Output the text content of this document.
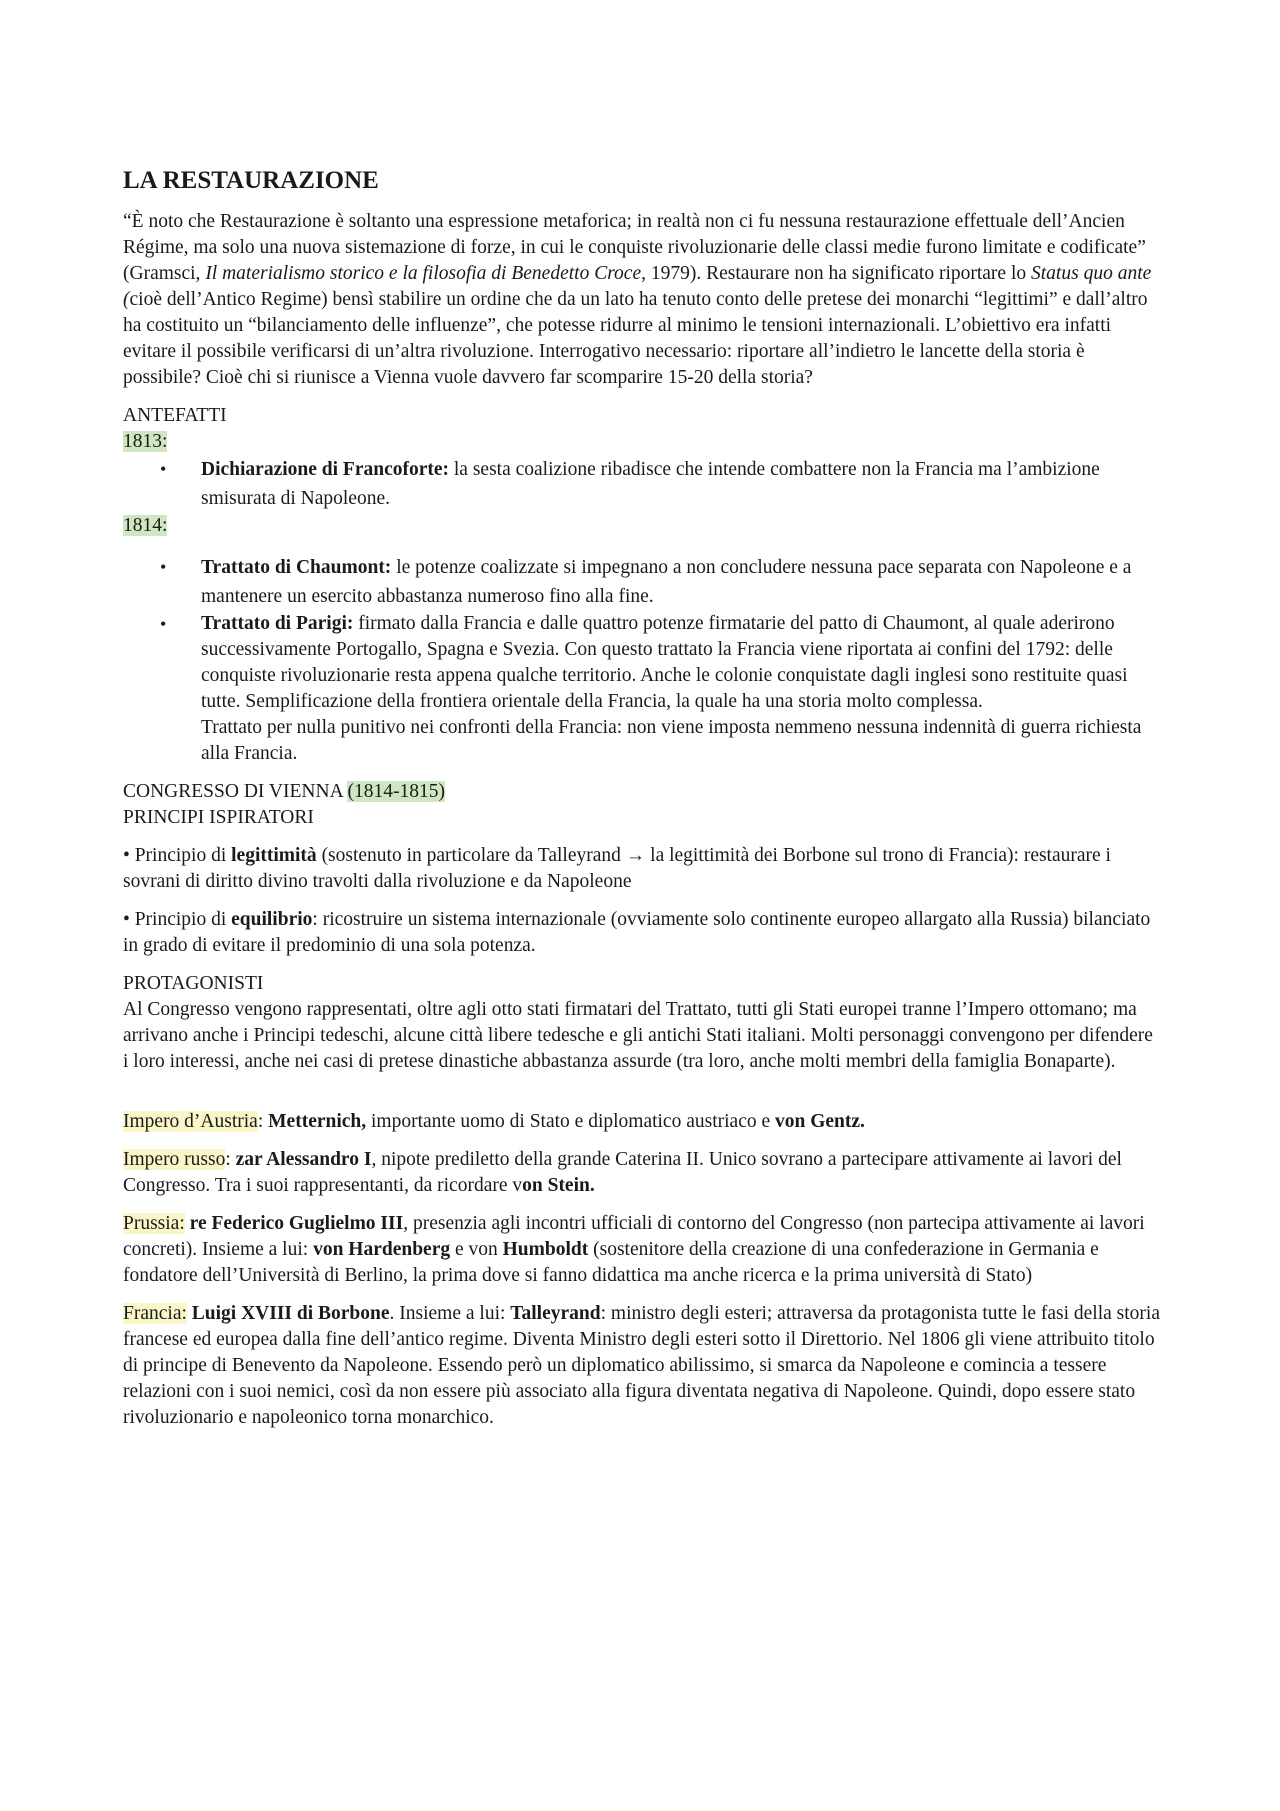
LA RESTAURAZIONE

“È noto che Restaurazione è soltanto una espressione metaforica; in realtà non ci fu nessuna restaurazione effettuale dell’Ancien Régime, ma solo una nuova sistemazione di forze, in cui le conquiste rivoluzionarie delle classi medie furono limitate e codificate” (Gramsci, Il materialismo storico e la filosofia di Benedetto Croce, 1979). Restaurare non ha significato riportare lo Status quo ante (cioè dell’Antico Regime) bensì stabilire un ordine che da un lato ha tenuto conto delle pretese dei monarchi “legittimi” e dall’altro ha costituito un “bilanciamento delle influenze”, che potesse ridurre al minimo le tensioni internazionali. L’obiettivo era infatti evitare il possibile verificarsi di un’altra rivoluzione. Interrogativo necessario: riportare all’indietro le lancette della storia è possibile? Cioè chi si riunisce a Vienna vuole davvero far scomparire 15-20 della storia?

ANTEFATTI

1813:

• Dichiarazione di Francoforte: la sesta coalizione ribadisce che intende combattere non la Francia ma l’ambizione smisurata di Napoleone.

1814:

• Trattato di Chaumont: le potenze coalizzate si impegnano a non concludere nessuna pace separata con Napoleone e a mantenere un esercito abbastanza numeroso fino alla fine.
• Trattato di Parigi: firmato dalla Francia e dalle quattro potenze firmatarie del patto di Chaumont, al quale aderirono successivamente Portogallo, Spagna e Svezia. Con questo trattato la Francia viene riportata ai confini del 1792: delle conquiste rivoluzionarie resta appena qualche territorio. Anche le colonie conquistate dagli inglesi sono restituite quasi tutte. Semplificazione della frontiera orientale della Francia, la quale ha una storia molto complessa.
Trattato per nulla punitivo nei confronti della Francia: non viene imposta nemmeno nessuna indennità di guerra richiesta alla Francia.

CONGRESSO DI VIENNA (1814-1815)

PRINCIPI ISPIRATORI

• Principio di legittimità (sostenuto in particolare da Talleyrand → la legittimità dei Borbone sul trono di Francia): restaurare i sovrani di diritto divino travolti dalla rivoluzione e da Napoleone

• Principio di equilibrio: ricostruire un sistema internazionale (ovviamente solo continente europeo allargato alla Russia) bilanciato in grado di evitare il predominio di una sola potenza.

PROTAGONISTI

Al Congresso vengono rappresentati, oltre agli otto stati firmatari del Trattato, tutti gli Stati europei tranne l’Impero ottomano; ma arrivano anche i Principi tedeschi, alcune città libere tedesche e gli antichi Stati italiani. Molti personaggi convengono per difendere i loro interessi, anche nei casi di pretese dinastiche abbastanza assurde (tra loro, anche molti membri della famiglia Bonaparte).

Impero d’Austria: Metternich, importante uomo di Stato e diplomatico austriaco e von Gentz.

Impero russo: zar Alessandro I, nipote prediletto della grande Caterina II. Unico sovrano a partecipare attivamente ai lavori del Congresso. Tra i suoi rappresentanti, da ricordare von Stein.

Prussia: re Federico Guglielmo III, presenzia agli incontri ufficiali di contorno del Congresso (non partecipa attivamente ai lavori concreti). Insieme a lui: von Hardenberg e von Humboldt (sostenitore della creazione di una confederazione in Germania e fondatore dell’Università di Berlino, la prima dove si fanno didattica ma anche ricerca e la prima università di Stato)

Francia: Luigi XVIII di Borbone. Insieme a lui: Talleyrand: ministro degli esteri; attraversa da protagonista tutte le fasi della storia francese ed europea dalla fine dell’antico regime. Diventa Ministro degli esteri sotto il Direttorio. Nel 1806 gli viene attribuito titolo di principe di Benevento da Napoleone. Essendo però un diplomatico abilissimo, si smarca da Napoleone e comincia a tessere relazioni con i suoi nemici, così da non essere più associato alla figura diventata negativa di Napoleone. Quindi, dopo essere stato rivoluzionario e napoleonico torna monarchico.
